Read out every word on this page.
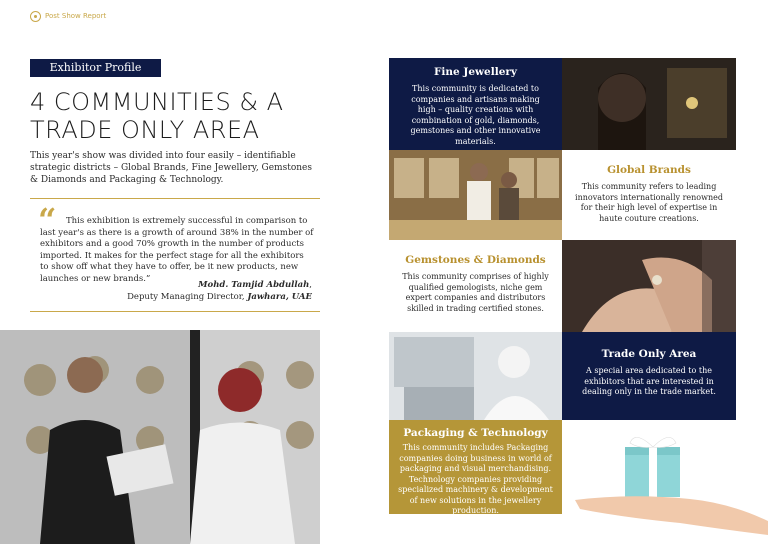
Post Show Report
Exhibitor Profile
4 COMMUNITIES & A
TRADE ONLY AREA
This year's show was divided into four easily – identifiable strategic districts – Global Brands, Fine Jewellery, Gemstones & Diamonds and Packaging & Technology.
“	This exhibition is extremely successful in comparison to last year's as there is a growth of around 38% in the number of exhibitors and a good 70% growth in the number of products imported. It makes for the perfect stage for all the exhibitors to show off what they have to offer, be it new products, new launches or new brands.”
Mohd. Tamjid Abdullah,
Deputy Managing Director, Jawhara, UAE
Fine Jewellery

This community is dedicated to companies and artisans making high – quality creations with combination of gold, diamonds, gemstones and other innovative materials.

Global Brands

This community refers to leading innovators internationally renowned for their high level of expertise in haute couture creations.

Gemstones & Diamonds

This community comprises of highly qualified gemologists, niche gem expert companies and distributors skilled in trading certified stones.

Trade Only Area

A special area dedicated to the exhibitors that are interested in dealing only in the trade market.

Packaging & Technology

This community includes Packaging companies doing business in world of packaging and visual merchandising. Technology companies providing specialized machinery & development of new solutions in the jewellery production.
